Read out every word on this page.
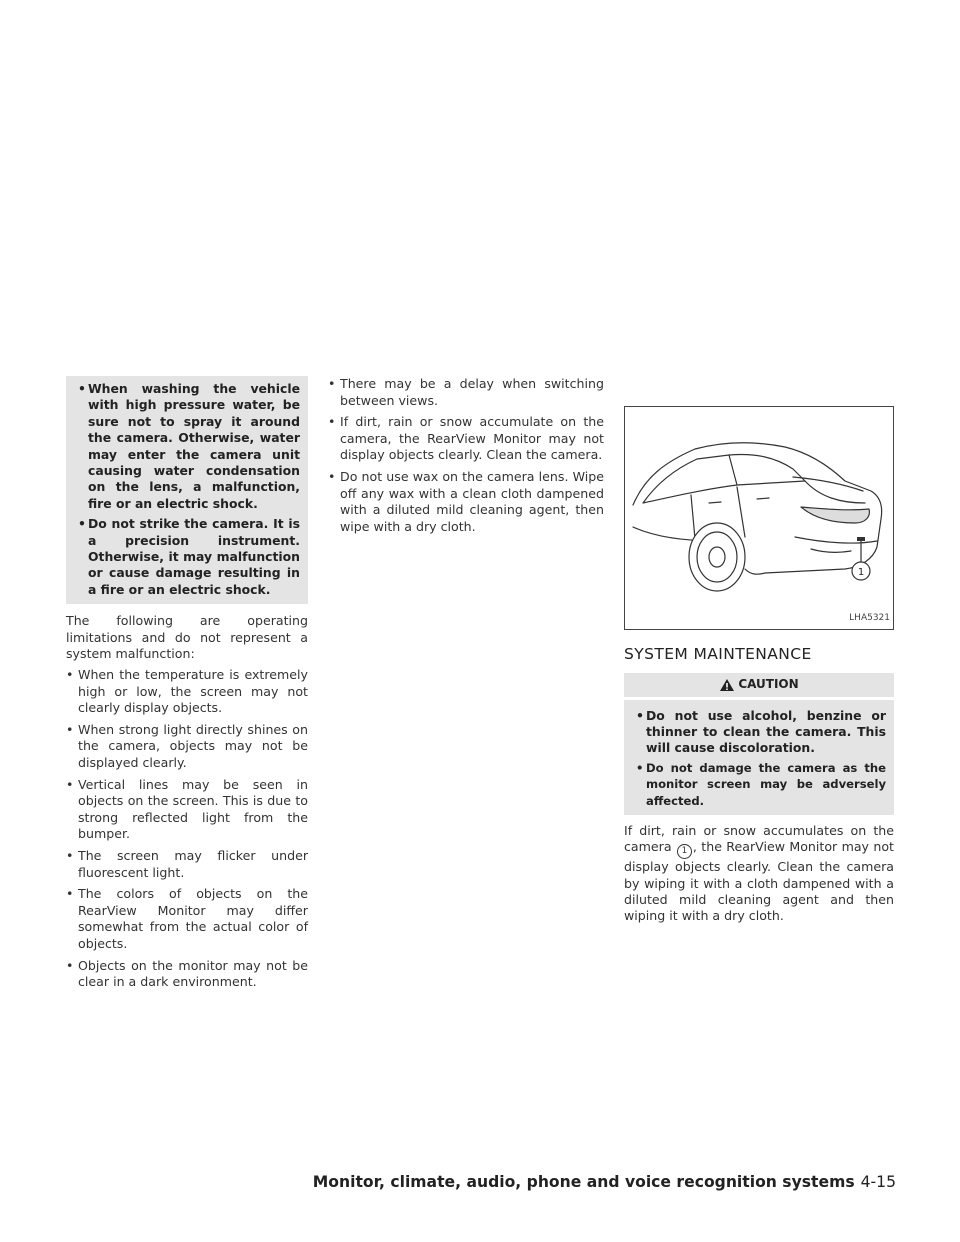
• When washing the vehicle with high pressure water, be sure not to spray it around the camera. Otherwise, water may enter the camera unit causing water condensation on the lens, a malfunction, fire or an electric shock.
• Do not strike the camera. It is a precision instrument. Otherwise, it may malfunction or cause damage resulting in a fire or an electric shock.

The following are operating limitations and do not represent a system malfunction:

• When the temperature is extremely high or low, the screen may not clearly display objects.
• When strong light directly shines on the camera, objects may not be displayed clearly.
• Vertical lines may be seen in objects on the screen. This is due to strong reflected light from the bumper.
• The screen may flicker under fluorescent light.
• The colors of objects on the RearView Monitor may differ somewhat from the actual color of objects.
• Objects on the monitor may not be clear in a dark environment.
• There may be a delay when switching between views.
• If dirt, rain or snow accumulate on the camera, the RearView Monitor may not display objects clearly. Clean the camera.
• Do not use wax on the camera lens. Wipe off any wax with a clean cloth dampened with a diluted mild cleaning agent, then wipe with a dry cloth.
1
LHA5321
SYSTEM MAINTENANCE
CAUTION
• Do not use alcohol, benzine or thinner to clean the camera. This will cause discoloration.
• Do not damage the camera as the monitor screen may be adversely affected.

If dirt, rain or snow accumulates on the camera 1 , the RearView Monitor may not display objects clearly. Clean the camera by wiping it with a cloth dampened with a diluted mild cleaning agent and then wiping it with a dry cloth.

Monitor, climate, audio, phone and voice recognition systems 4-15
